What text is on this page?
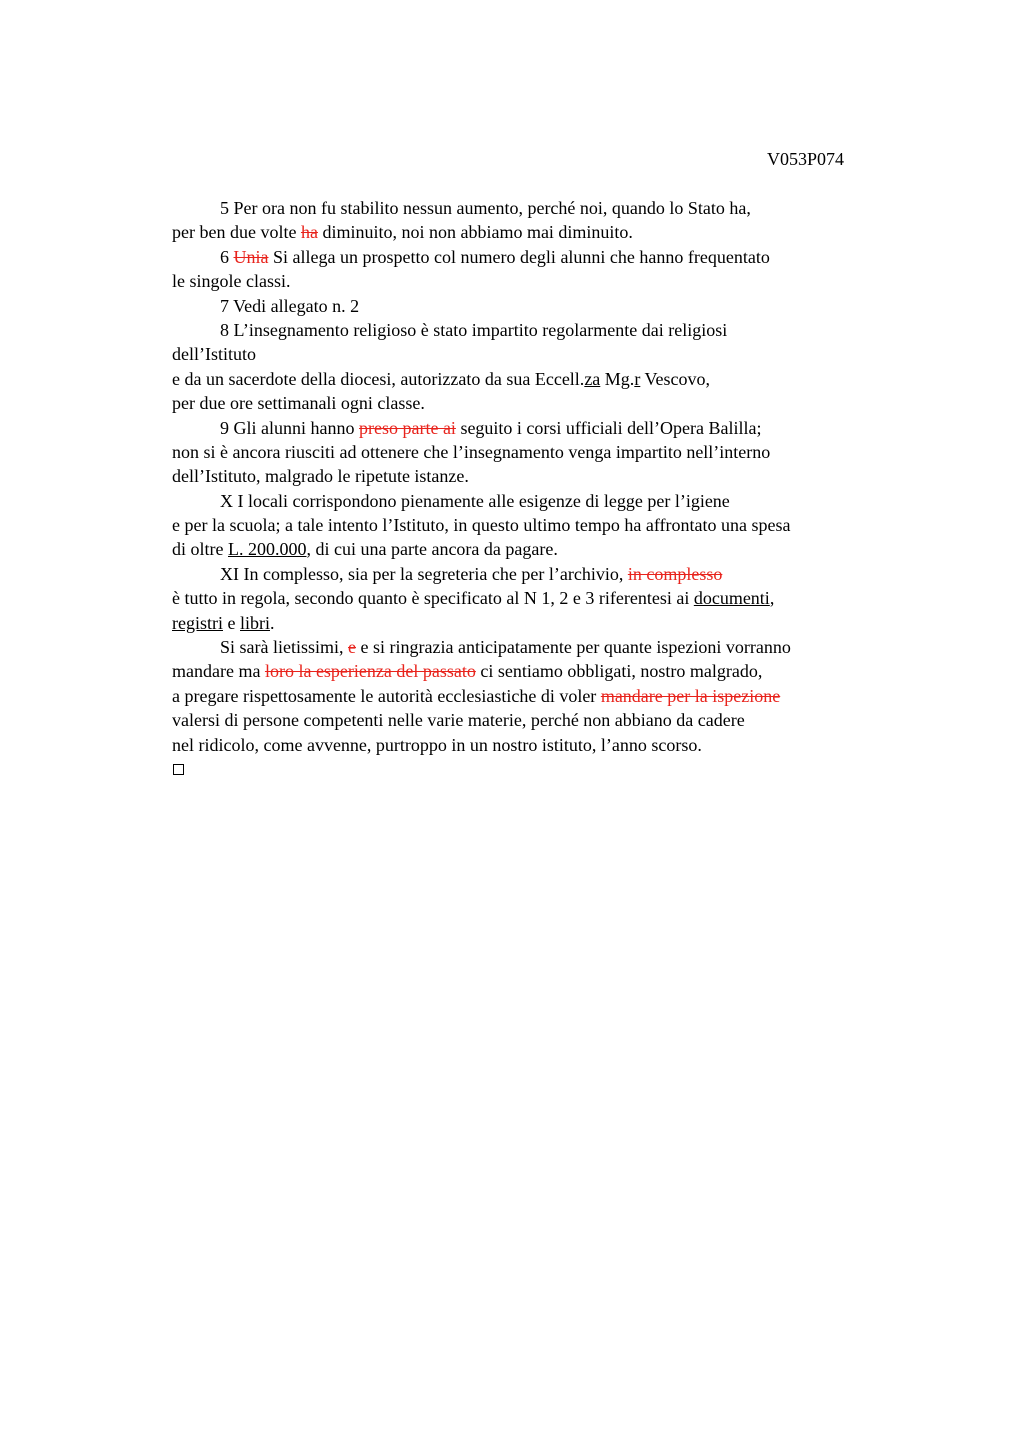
V053P074
5 Per ora non fu stabilito nessun aumento, perché noi, quando lo Stato ha,
per ben due volte ha diminuito, noi non abbiamo mai diminuito.
6 Unia Si allega un prospetto col numero degli alunni che hanno frequentato
le singole classi.
7 Vedi allegato n. 2
8 L’insegnamento religioso è stato impartito regolarmente dai religiosi
dell’Istituto
e da un sacerdote della diocesi, autorizzato da sua Eccell.za Mg.r Vescovo,
per due ore settimanali ogni classe.
9 Gli alunni hanno preso parte ai seguito i corsi ufficiali dell’Opera Balilla;
non si è ancora riusciti ad ottenere che l’insegnamento venga impartito nell’interno
dell’Istituto, malgrado le ripetute istanze.
X I locali corrispondono pienamente alle esigenze di legge per l’igiene
e per la scuola; a tale intento l’Istituto, in questo ultimo tempo ha affrontato una spesa
di oltre L. 200.000, di cui una parte ancora da pagare.
XI In complesso, sia per la segreteria che per l’archivio, in complesso
è tutto in regola, secondo quanto è specificato al N 1, 2 e 3 riferentesi ai documenti,
registri e libri.
Si sarà lietissimi, e e si ringrazia anticipatamente per quante ispezioni vorranno
mandare ma loro la esperienza del passato ci sentiamo obbligati, nostro malgrado,
a pregare rispettosamente le autorità ecclesiastiche di voler mandare per la ispezione
valersi di persone competenti nelle varie materie, perché non abbiano da cadere
nel ridicolo, come avvenne, purtroppo in un nostro istituto, l’anno scorso.
